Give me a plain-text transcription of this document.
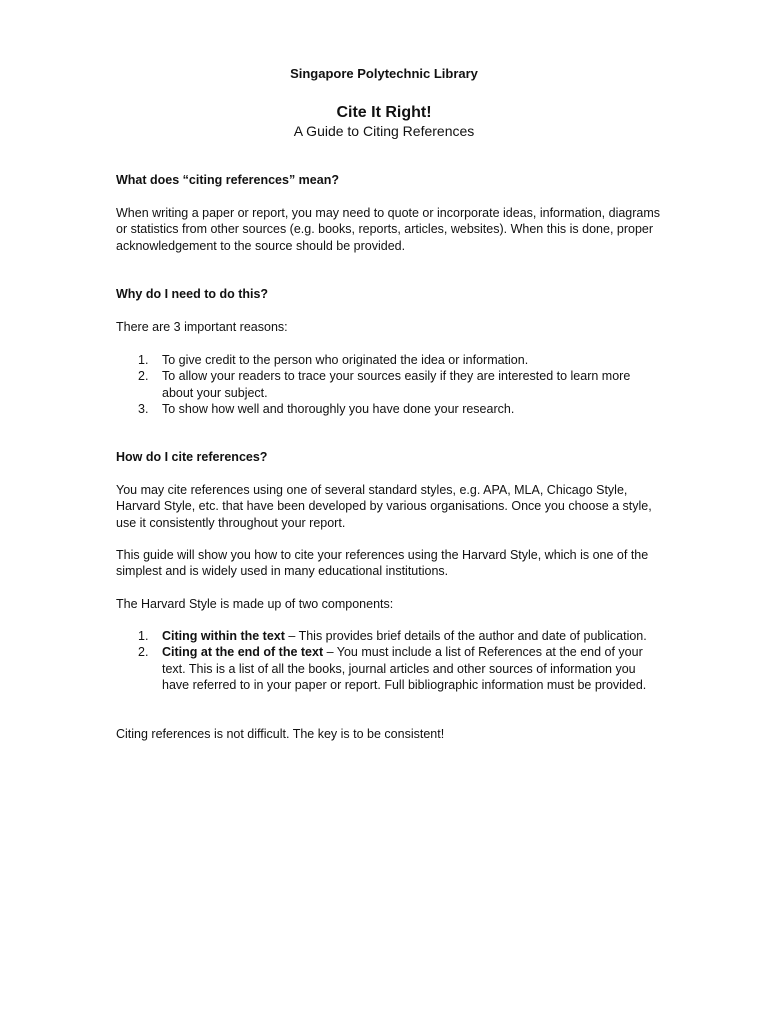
Singapore Polytechnic Library
Cite It Right!
A Guide to Citing References
What does “citing references” mean?

When writing a paper or report, you may need to quote or incorporate ideas, information, diagrams or statistics from other sources (e.g. books, reports, articles, websites). When this is done, proper acknowledgement to the source should be provided.

Why do I need to do this?

There are 3 important reasons:

1. To give credit to the person who originated the idea or information.
2. To allow your readers to trace your sources easily if they are interested to learn more about your subject.
3. To show how well and thoroughly you have done your research.
How do I cite references?

You may cite references using one of several standard styles, e.g. APA, MLA, Chicago Style, Harvard Style, etc. that have been developed by various organisations. Once you choose a style, use it consistently throughout your report.

This guide will show you how to cite your references using the Harvard Style, which is one of the simplest and is widely used in many educational institutions.

The Harvard Style is made up of two components:

1. Citing within the text – This provides brief details of the author and date of publication.
2. Citing at the end of the text – You must include a list of References at the end of your text. This is a list of all the books, journal articles and other sources of information you have referred to in your paper or report. Full bibliographic information must be provided.

Citing references is not difficult. The key is to be consistent!
